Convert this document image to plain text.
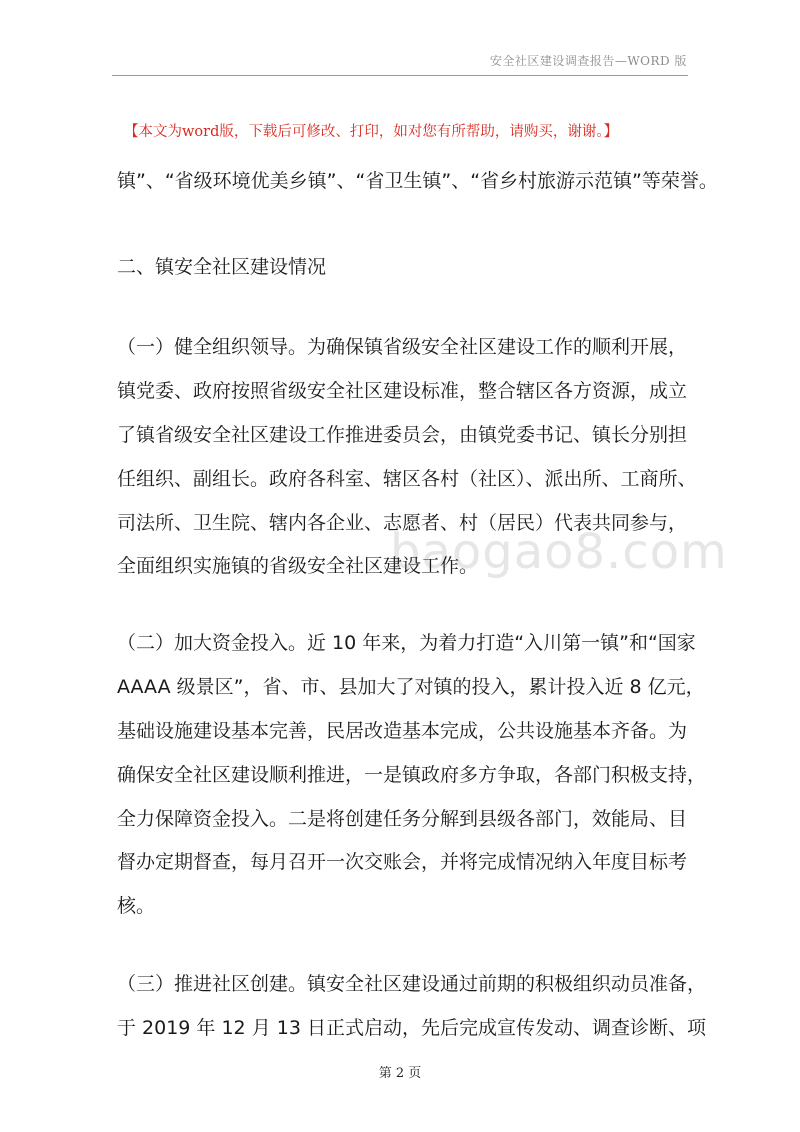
安全社区建设调查报告—WORD 版
baogao8.com
【本文为word版，下载后可修改、打印，如对您有所帮助，请购买，谢谢。】
镇”、“省级环境优美乡镇”、“省卫生镇”、“省乡村旅游示范镇”等荣誉。
二、镇安全社区建设情况
（一）健全组织领导。为确保镇省级安全社区建设工作的顺利开展，
镇党委、政府按照省级安全社区建设标准，整合辖区各方资源，成立
了镇省级安全社区建设工作推进委员会，由镇党委书记、镇长分别担
任组织、副组长。政府各科室、辖区各村（社区）、派出所、工商所、
司法所、卫生院、辖内各企业、志愿者、村（居民）代表共同参与，
全面组织实施镇的省级安全社区建设工作。
（二）加大资金投入。近 10 年来，为着力打造“入川第一镇”和“国家
AAAA 级景区”，省、市、县加大了对镇的投入，累计投入近 8 亿元，
基础设施建设基本完善，民居改造基本完成，公共设施基本齐备。为
确保安全社区建设顺利推进，一是镇政府多方争取，各部门积极支持，
全力保障资金投入。二是将创建任务分解到县级各部门，效能局、目
督办定期督查，每月召开一次交账会，并将完成情况纳入年度目标考
核。
（三）推进社区创建。镇安全社区建设通过前期的积极组织动员准备，
于 2019 年 12 月 13 日正式启动，先后完成宣传发动、调查诊断、项
第 2 页
